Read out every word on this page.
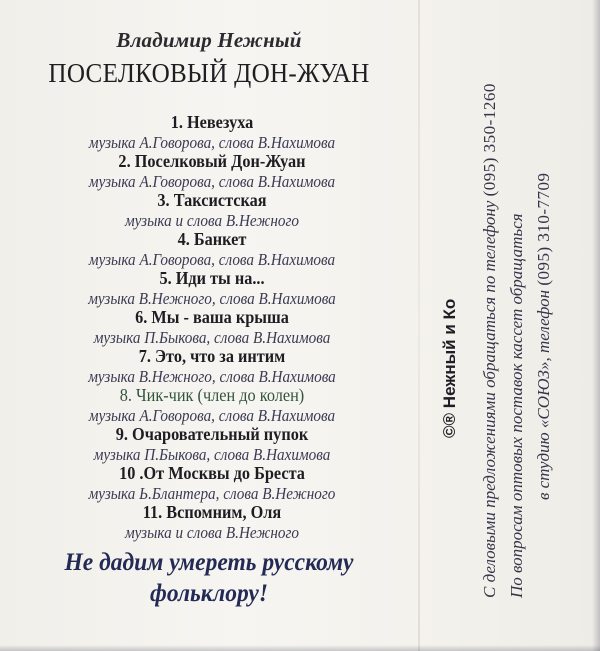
Владимир Нежный
ПОСЕЛКОВЫЙ ДОН-ЖУАН
1. Невезуха
музыка А.Говорова, слова В.Нахимова
2. Поселковый Дон-Жуан
музыка А.Говорова, слова В.Нахимова
3. Таксистская
музыка и слова В.Нежного
4. Банкет
музыка А.Говорова, слова В.Нахимова
5. Иди ты на...
музыка В.Нежного, слова В.Нахимова
6. Мы - ваша крыша
музыка П.Быкова, слова В.Нахимова
7. Это, что за интим
музыка В.Нежного, слова В.Нахимова
8. Чик-чик (член до колен)
музыка А.Говорова, слова В.Нахимова
9. Очаровательный пупок
музыка П.Быкова, слова В.Нахимова
10 .От Москвы до Бреста
музыка Ь.Блантера, слова В.Нежного
11. Вспомним, Оля
музыка и слова В.Нежного
Не дадим умереть русскому
фольклору!
©® Нежный и Ко С деловыми предложениями обращаться по телефону (095) 350-1260
По вопросам оптовых поставок кассет обращаться в студию «СОЮЗ», телефон (095) 310-7709
